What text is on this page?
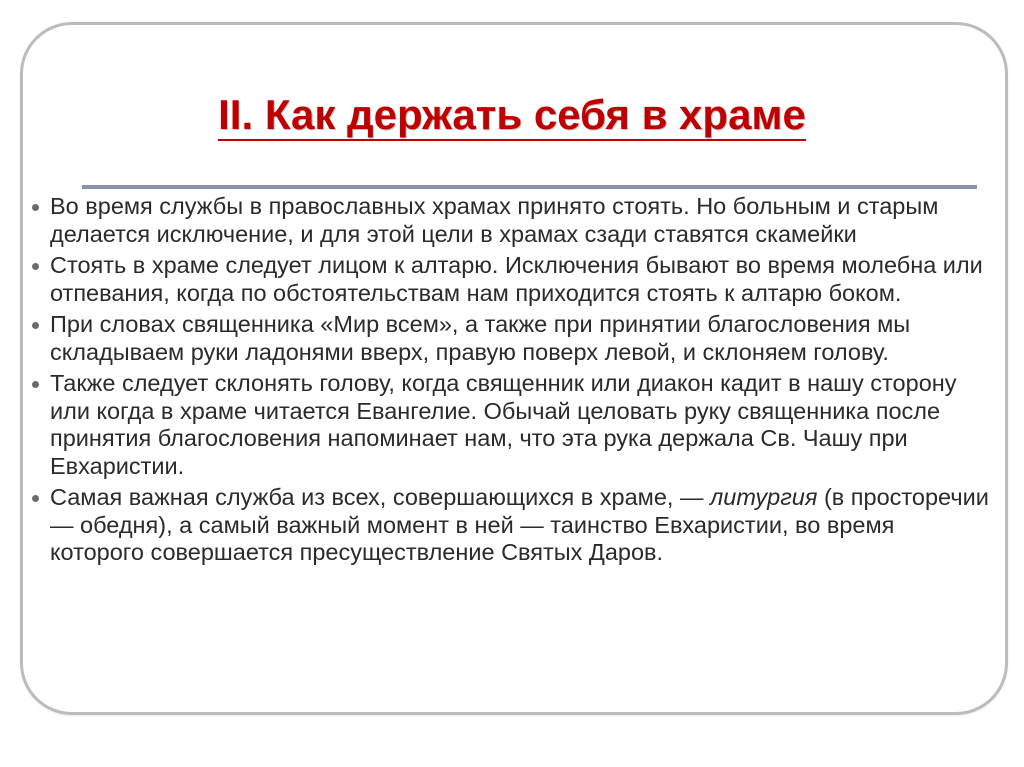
II. Как держать себя в храме
Во время службы в православных храмах принято стоять. Но больным и старым делается исключение, и для этой цели в храмах сзади ставятся скамейки
Стоять в храме следует лицом к алтарю. Исключения бывают во время молебна или отпевания, когда по обстоятельствам нам приходится стоять к алтарю боком.
При словах священника «Мир всем», а также при принятии благословения мы складываем руки ладонями вверх, правую поверх левой, и склоняем голову.
Также следует склонять голову, когда священник или диакон кадит в нашу сторону или когда в храме читается Евангелие. Обычай целовать руку священника после принятия благословения напоминает нам, что эта рука держала Св. Чашу при Евхаристии.
Самая важная служба из всех, совершающихся в храме, — литургия (в просторечии — обедня), а самый важный момент в ней — таинство Евхаристии, во время которого совершается пресуществление Святых Даров.
